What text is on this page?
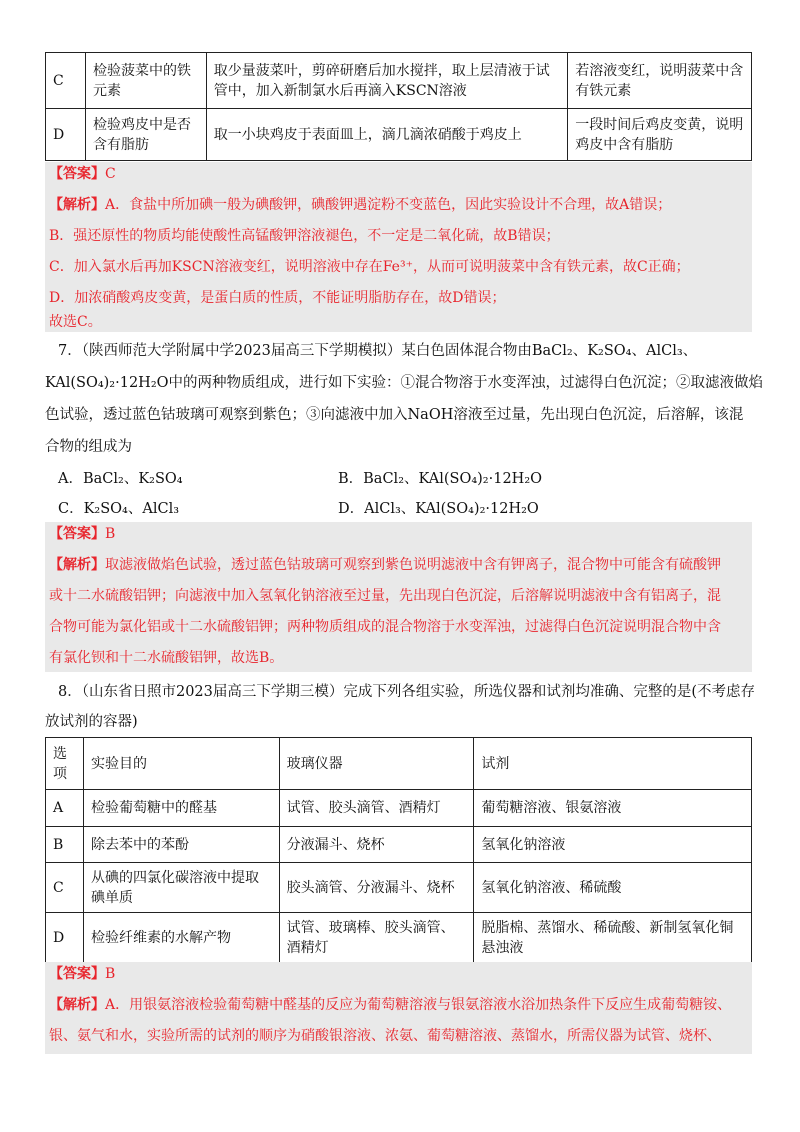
C	检验菠菜中的铁元素	取少量菠菜叶，剪碎研磨后加水搅拌，取上层清液于试管中，加入新制氯水后再滴入KSCN溶液	若溶液变红，说明菠菜中含有铁元素
D	检验鸡皮中是否含有脂肪	取一小块鸡皮于表面皿上，滴几滴浓硝酸于鸡皮上	一段时间后鸡皮变黄，说明鸡皮中含有脂肪
【答案】C
【解析】A．食盐中所加碘一般为碘酸钾，碘酸钾遇淀粉不变蓝色，因此实验设计不合理，故A错误；
B．强还原性的物质均能使酸性高锰酸钾溶液褪色，不一定是二氧化硫，故B错误；
C．加入氯水后再加KSCN溶液变红，说明溶液中存在Fe³⁺，从而可说明菠菜中含有铁元素，故C正确；
D．加浓硝酸鸡皮变黄，是蛋白质的性质，不能证明脂肪存在，故D错误；
故选C。
7．（陕西师范大学附属中学2023届高三下学期模拟）某白色固体混合物由BaCl₂、K₂SO₄、AlCl₃、
KAl(SO₄)₂·12H₂O中的两种物质组成，进行如下实验：①混合物溶于水变浑浊，过滤得白色沉淀；②取滤液做焰
色试验，透过蓝色钴玻璃可观察到紫色；③向滤液中加入NaOH溶液至过量，先出现白色沉淀，后溶解，该混
合物的组成为
A．BaCl₂、K₂SO₄	B．BaCl₂、KAl(SO₄)₂·12H₂O
C．K₂SO₄、AlCl₃	D．AlCl₃、KAl(SO₄)₂·12H₂O
【答案】B
【解析】取滤液做焰色试验，透过蓝色钴玻璃可观察到紫色说明滤液中含有钾离子，混合物中可能含有硫酸钾
或十二水硫酸铝钾；向滤液中加入氢氧化钠溶液至过量，先出现白色沉淀，后溶解说明滤液中含有铝离子，混
合物可能为氯化铝或十二水硫酸铝钾；两种物质组成的混合物溶于水变浑浊，过滤得白色沉淀说明混合物中含
有氯化钡和十二水硫酸铝钾，故选B。
8．（山东省日照市2023届高三下学期三模）完成下列各组实验，所选仪器和试剂均准确、完整的是(不考虑存
放试剂的容器)
选项	实验目的	玻璃仪器	试剂
A	检验葡萄糖中的醛基	试管、胶头滴管、酒精灯	葡萄糖溶液、银氨溶液
B	除去苯中的苯酚	分液漏斗、烧杯	氢氧化钠溶液
C	从碘的四氯化碳溶液中提取碘单质	胶头滴管、分液漏斗、烧杯	氢氧化钠溶液、稀硫酸
D	检验纤维素的水解产物	试管、玻璃棒、胶头滴管、酒精灯	脱脂棉、蒸馏水、稀硫酸、新制氢氧化铜悬浊液
【答案】B
【解析】A．用银氨溶液检验葡萄糖中醛基的反应为葡萄糖溶液与银氨溶液水浴加热条件下反应生成葡萄糖铵、
银、氨气和水，实验所需的试剂的顺序为硝酸银溶液、浓氨、葡萄糖溶液、蒸馏水，所需仪器为试管、烧杯、
